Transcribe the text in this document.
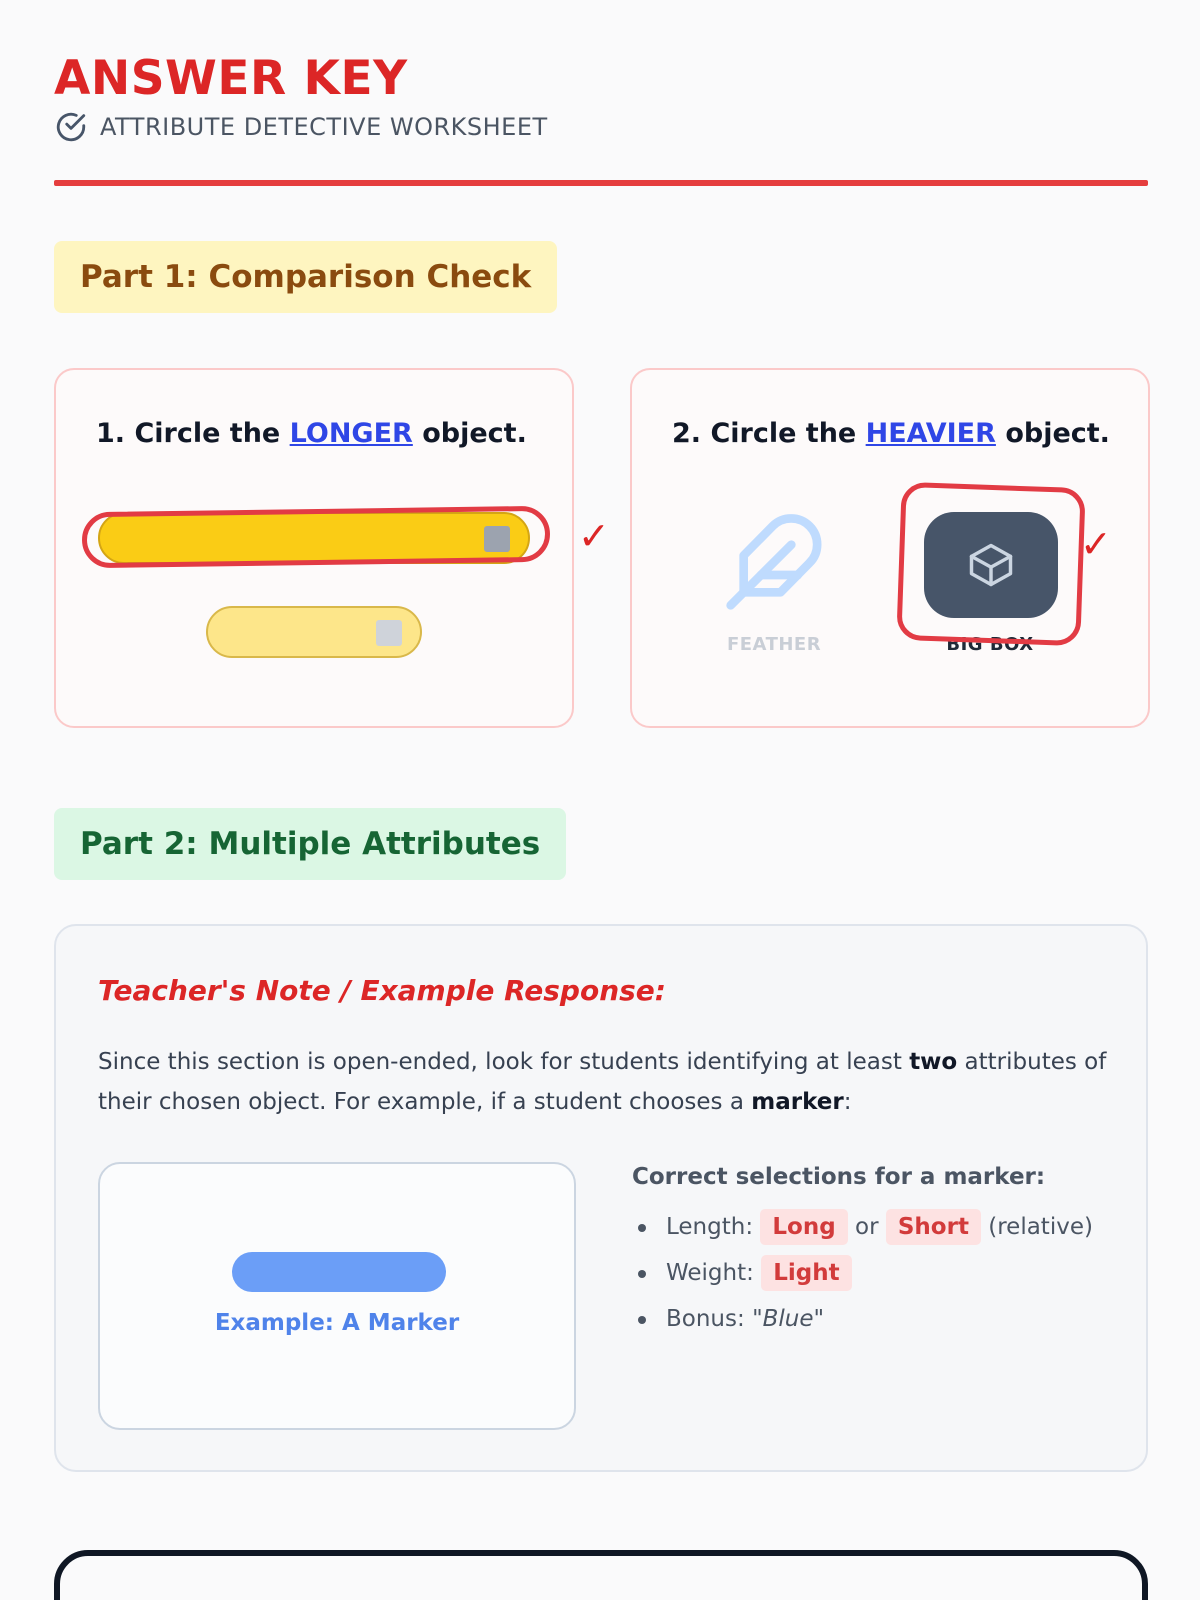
ANSWER KEY
ATTRIBUTE DETECTIVE WORKSHEET
Part 1: Comparison Check
1. Circle the LONGER object.
✓
2. Circle the HEAVIER object.
FEATHER	BIG BOX
✓
Part 2: Multiple Attributes
Teacher's Note / Example Response:
Since this section is open-ended, look for students identifying at least two attributes of their chosen object. For example, if a student chooses a marker:
Example: A Marker
Correct selections for a marker:
Length: Long or Short (relative)
Weight: Light
Bonus: "Blue"
